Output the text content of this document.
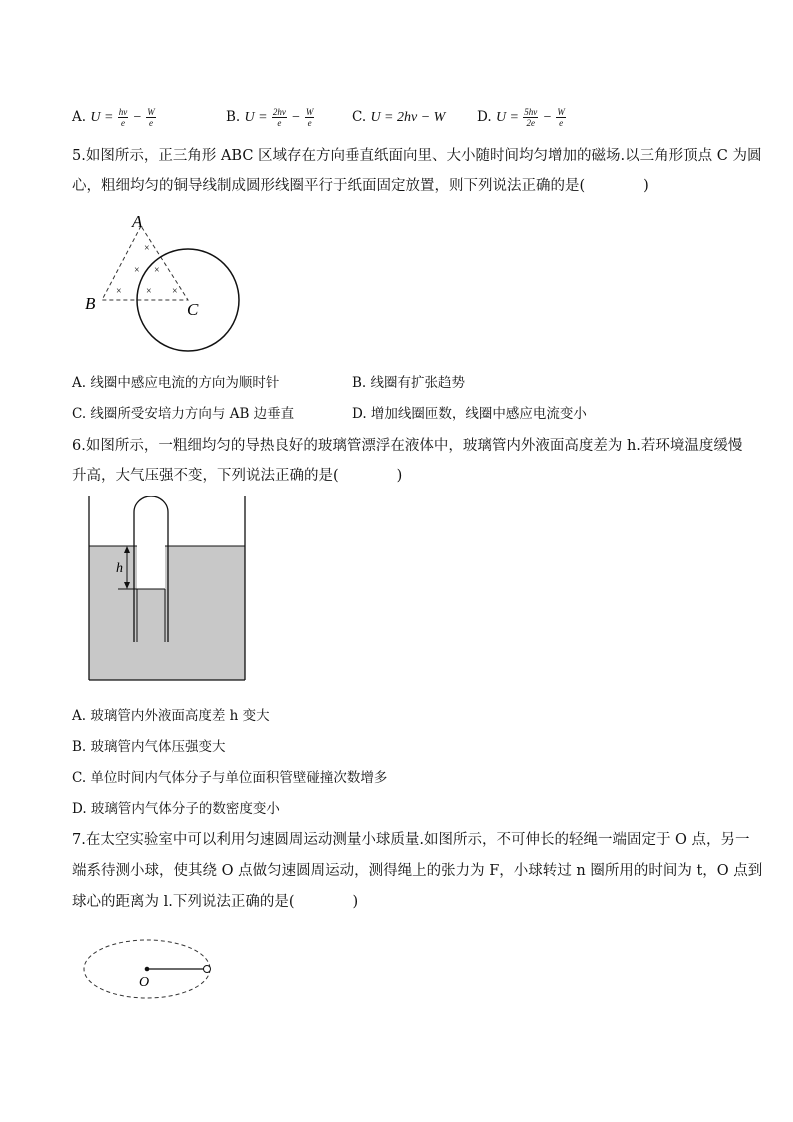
A. $U = \frac{h\nu}{e} - \frac{W}{e}$	B. $U = \frac{2h\nu}{e} - \frac{W}{e}$	C. U = 2hν − W D. $U = \frac{5h\nu}{2e} - \frac{W}{e}$
5.如图所示，正三角形 ABC 区域存在方向垂直纸面向里、大小随时间均匀增加的磁场.以三角形顶点 C 为圆
心，粗细均匀的铜导线制成圆形线圈平行于纸面固定放置，则下列说法正确的是(　　　　)
A
B	C
×
× ×
× × ×
A. 线圈中感应电流的方向为顺时针	B. 线圈有扩张趋势
C. 线圈所受安培力方向与 AB 边垂直	D. 增加线圈匝数，线圈中感应电流变小
6.如图所示，一粗细均匀的导热良好的玻璃管漂浮在液体中，玻璃管内外液面高度差为 h.若环境温度缓慢
升高，大气压强不变，下列说法正确的是(　　　　)
h
A. 玻璃管内外液面高度差 h 变大
B. 玻璃管内气体压强变大
C. 单位时间内气体分子与单位面积管壁碰撞次数增多
D. 玻璃管内气体分子的数密度变小
7.在太空实验室中可以利用匀速圆周运动测量小球质量.如图所示，不可伸长的轻绳一端固定于 O 点，另一
端系待测小球，使其绕 O 点做匀速圆周运动，测得绳上的张力为 F，小球转过 n 圈所用的时间为 t，O 点到
球心的距离为 l.下列说法正确的是(　　　　)
O
